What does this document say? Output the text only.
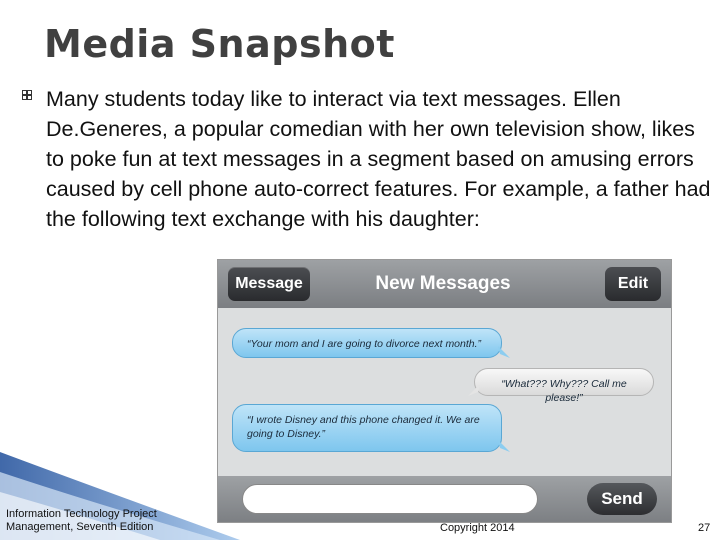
Media Snapshot
Many students today like to interact via text messages. Ellen De.Generes, a popular comedian with her own television show, likes to poke fun at text messages in a segment based on amusing errors caused by cell phone auto-correct features. For example, a father had the following text exchange with his daughter:
Message	New Messages	Edit
“Your mom and I are going to divorce next month.”
“What??? Why??? Call me please!”
“I wrote Disney and this phone changed it. We are going to Disney.”
Send
Information Technology Project
Management, Seventh Edition	Copyright 2014	27
